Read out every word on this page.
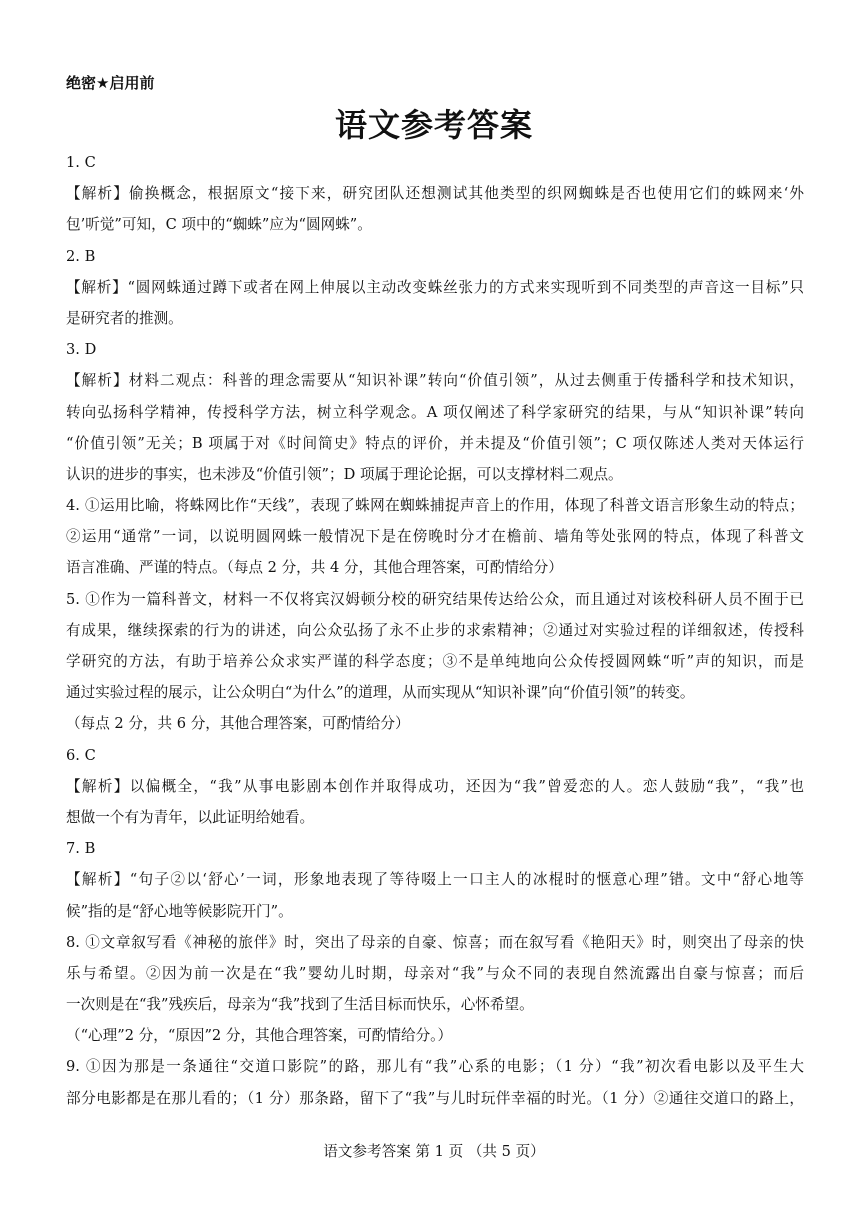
绝密★启用前
语文参考答案
1. C
【解析】偷换概念，根据原文“接下来，研究团队还想测试其他类型的织网蜘蛛是否也使用它们的蛛网来‘外
包’听觉”可知，C 项中的“蜘蛛”应为“圆网蛛”。
2. B
【解析】“圆网蛛通过蹲下或者在网上伸展以主动改变蛛丝张力的方式来实现听到不同类型的声音这一目标”只
是研究者的推测。
3. D
【解析】材料二观点：科普的理念需要从“知识补课”转向“价值引领”，从过去侧重于传播科学和技术知识，
转向弘扬科学精神，传授科学方法，树立科学观念。A 项仅阐述了科学家研究的结果，与从“知识补课”转向
“价值引领”无关；B 项属于对《时间简史》特点的评价，并未提及“价值引领”；C 项仅陈述人类对天体运行
认识的进步的事实，也未涉及“价值引领”；D 项属于理论论据，可以支撑材料二观点。
4. ①运用比喻，将蛛网比作“天线”，表现了蛛网在蜘蛛捕捉声音上的作用，体现了科普文语言形象生动的特点；
②运用“通常”一词，以说明圆网蛛一般情况下是在傍晚时分才在檐前、墙角等处张网的特点，体现了科普文
语言准确、严谨的特点。（每点 2 分，共 4 分，其他合理答案，可酌情给分）
5. ①作为一篇科普文，材料一不仅将宾汉姆顿分校的研究结果传达给公众，而且通过对该校科研人员不囿于已
有成果，继续探索的行为的讲述，向公众弘扬了永不止步的求索精神；②通过对实验过程的详细叙述，传授科
学研究的方法，有助于培养公众求实严谨的科学态度；③不是单纯地向公众传授圆网蛛“听”声的知识，而是
通过实验过程的展示，让公众明白“为什么”的道理，从而实现从“知识补课”向“价值引领”的转变。
（每点 2 分，共 6 分，其他合理答案，可酌情给分）
6. C
【解析】以偏概全，“我”从事电影剧本创作并取得成功，还因为“我”曾爱恋的人。恋人鼓励“我”，“我”也
想做一个有为青年，以此证明给她看。
7. B
【解析】“句子②以‘舒心’一词，形象地表现了等待啜上一口主人的冰棍时的惬意心理”错。文中“舒心地等
候”指的是“舒心地等候影院开门”。
8. ①文章叙写看《神秘的旅伴》时，突出了母亲的自豪、惊喜；而在叙写看《艳阳天》时，则突出了母亲的快
乐与希望。②因为前一次是在“我”婴幼儿时期，母亲对“我”与众不同的表现自然流露出自豪与惊喜；而后
一次则是在“我”残疾后，母亲为“我”找到了生活目标而快乐，心怀希望。
（“心理”2 分，“原因”2 分，其他合理答案，可酌情给分。）
9. ①因为那是一条通往“交道口影院”的路，那儿有“我”心系的电影；（1 分）“我”初次看电影以及平生大
部分电影都是在那儿看的；（1 分）那条路，留下了“我”与儿时玩伴幸福的时光。（1 分）②通往交道口的路上，
语文参考答案 第 1 页 （共 5 页）
